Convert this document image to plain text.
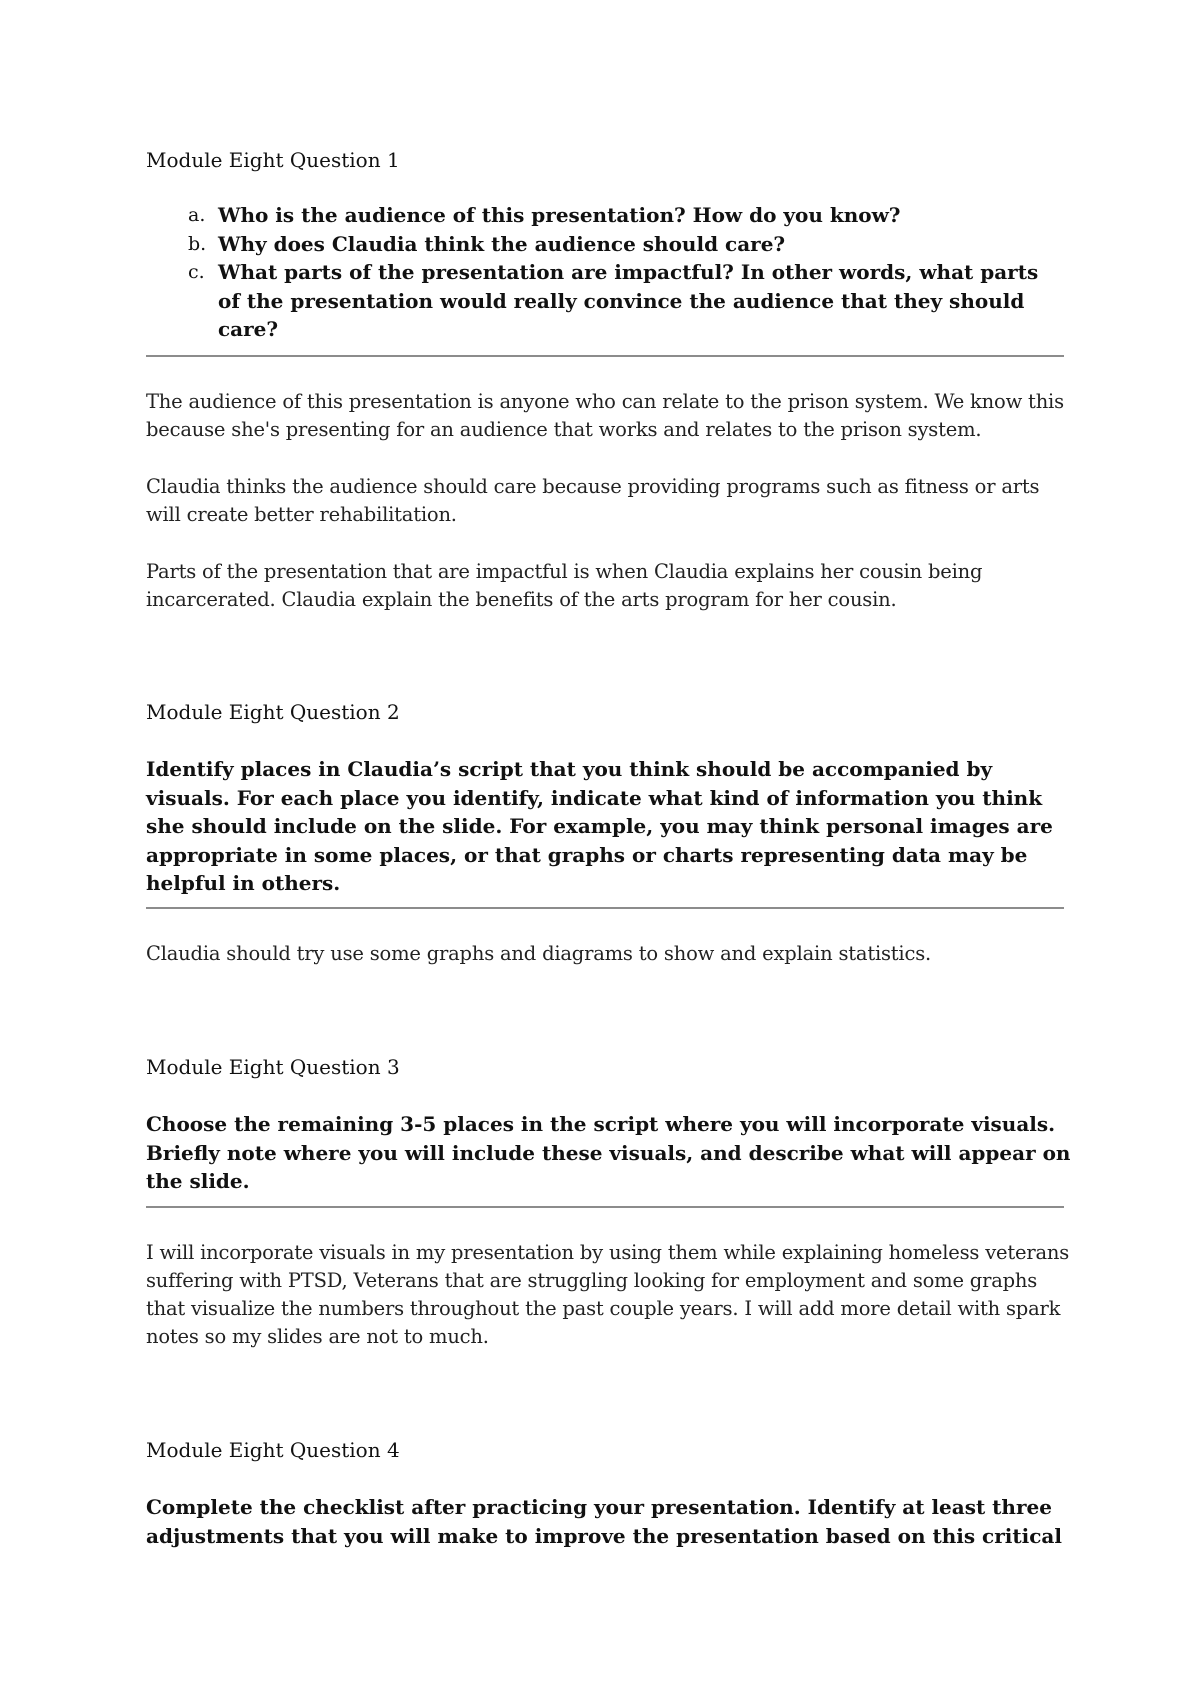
Module Eight Question 1
a. Who is the audience of this presentation? How do you know?
b. Why does Claudia think the audience should care?
c. What parts of the presentation are impactful? In other words, what parts of the presentation would really convince the audience that they should care?

The audience of this presentation is anyone who can relate to the prison system. We know this because she's presenting for an audience that works and relates to the prison system.

Claudia thinks the audience should care because providing programs such as fitness or arts will create better rehabilitation.

Parts of the presentation that are impactful is when Claudia explains her cousin being incarcerated. Claudia explain the benefits of the arts program for her cousin.

Module Eight Question 2

Identify places in Claudia’s script that you think should be accompanied by visuals. For each place you identify, indicate what kind of information you think she should include on the slide. For example, you may think personal images are appropriate in some places, or that graphs or charts representing data may be helpful in others.

Claudia should try use some graphs and diagrams to show and explain statistics.

Module Eight Question 3

Choose the remaining 3-5 places in the script where you will incorporate visuals. Briefly note where you will include these visuals, and describe what will appear on the slide.

I will incorporate visuals in my presentation by using them while explaining homeless veterans suffering with PTSD, Veterans that are struggling looking for employment and some graphs that visualize the numbers throughout the past couple years. I will add more detail with spark notes so my slides are not to much.

Module Eight Question 4

Complete the checklist after practicing your presentation. Identify at least three adjustments that you will make to improve the presentation based on this critical
